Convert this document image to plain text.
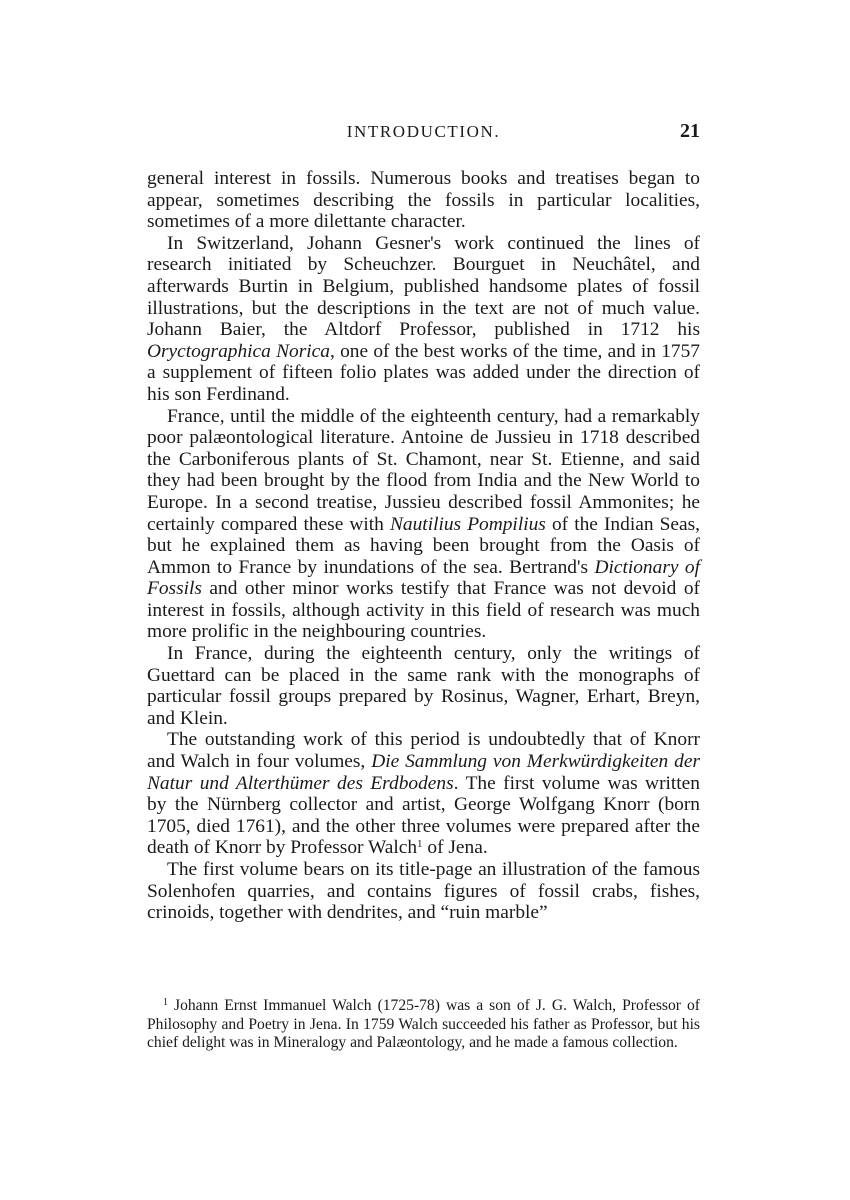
INTRODUCTION.	21

general interest in fossils. Numerous books and treatises began to appear, sometimes describing the fossils in particular localities, sometimes of a more dilettante character.

In Switzerland, Johann Gesner's work continued the lines of research initiated by Scheuchzer. Bourguet in Neuchâtel, and afterwards Burtin in Belgium, published handsome plates of fossil illustrations, but the descriptions in the text are not of much value. Johann Baier, the Altdorf Professor, published in 1712 his Oryctographica Norica, one of the best works of the time, and in 1757 a supplement of fifteen folio plates was added under the direction of his son Ferdinand.

France, until the middle of the eighteenth century, had a remarkably poor palæontological literature. Antoine de Jussieu in 1718 described the Carboniferous plants of St. Chamont, near St. Etienne, and said they had been brought by the flood from India and the New World to Europe. In a second treatise, Jussieu described fossil Ammonites; he certainly compared these with Nautilius Pompilius of the Indian Seas, but he explained them as having been brought from the Oasis of Ammon to France by inundations of the sea. Bertrand's Dictionary of Fossils and other minor works testify that France was not devoid of interest in fossils, although activity in this field of research was much more prolific in the neighbouring countries.

In France, during the eighteenth century, only the writings of Guettard can be placed in the same rank with the monographs of particular fossil groups prepared by Rosinus, Wagner, Erhart, Breyn, and Klein.

The outstanding work of this period is undoubtedly that of Knorr and Walch in four volumes, Die Sammlung von Merkwürdigkeiten der Natur und Alterthümer des Erdbodens. The first volume was written by the Nürnberg collector and artist, George Wolfgang Knorr (born 1705, died 1761), and the other three volumes were prepared after the death of Knorr by Professor Walch$^1$ of Jena.

The first volume bears on its title-page an illustration of the famous Solenhofen quarries, and contains figures of fossil crabs, fishes, crinoids, together with dendrites, and “ruin marble”

$^1$ Johann Ernst Immanuel Walch (1725-78) was a son of J. G. Walch, Professor of Philosophy and Poetry in Jena. In 1759 Walch succeeded his father as Professor, but his chief delight was in Mineralogy and Palæontology, and he made a famous collection.
